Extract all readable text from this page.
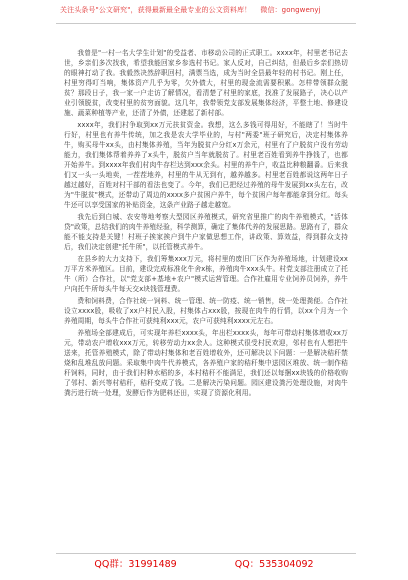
关注头条号"公文研究"，获得最新最全最专业的公文资料库！　 微信：gongwenyj

我曾是"一村一名大学生计划"的受益者、市移动公司的正式职工。xxxx年，村里老书记去世，乡亲们多次找我，希望我能回家乡参选村书记。家人反对，自己纠结，但最后乡亲们热切的眼神打动了我。我毅然决然辞职回村，满票当选，成为当时全县最年轻的村书记。刚上任，村里穷得叮当响，集体资产几乎为零，欠外债大，村里的现金流需要积累。怎样带领群众脱贫？那段日子，我一家一户走访了解情况，看清楚了村里的家底，找准了发展路子，决心以产业引领脱贫，改变村里的贫穷面貌。这几年，我带领党支部发展集体经济，平整土地、修建设施、蔬菜种植等产业，还清了外债，还建起了新村部。

xxxx年，我们村争取到xx万元扶贫资金。我想，这么多钱可得用好，不能瞎了！当时牛行好，村里也有养牛传统，加之我是农大学毕业的，与村"两委"班子研究后，决定村集体养牛，购买母牛xx头，由村集体养殖，当年为脱贫户分红x万余元，村里有了户脱贫户没有劳动能力，我们集体帮着养养了x头牛，脱贫户当年就脱贫了。村里老百姓看到养牛挣钱了，也都开始养牛。到xxxx年我们村肉牛存栏达到xxx余头。村里的养牛户，收益比种粮翻番。后来我们又一头一头地卖，一茬茬地养，村里的牛从无到有，越养越多。村里老百姓都说这两年日子越过越好，百姓对村干部的看法也变了。今年，我们已把经过养殖的母牛发展到xx头左右，改为"牛脱贫"模式，还带动了周边的xxxx多户贫困户养牛，每个贫困户每年都能拿到分红。每头牛还可以享受国家的补贴资金，这条产业路子越走越宽。

我先后到白城、农安等地考察大型园区养殖模式，研究省里推广的肉牛养殖模式，"活体贷"政策，总结我们的肉牛养殖经验，科学测算，确定了集体代养的发展思路。思路有了，群众能不能支持是关键！村班子挨家挨户到牛户家做思想工作，讲政策、算效益，得到群众支持后，我们决定创建"托牛所"，以托管模式养牛。

在县乡的大力支持下，我们筹集xxx万元，将村里的废旧厂区作为养殖场地，计划建设xx万平方米养殖区。目前，建设完成标准化牛舍x栋，养殖肉牛xxx头牛。村党支部注册成立了托牛（所）合作社，以"党支部+基地+农户"模式运营管理。合作社雇用专业饲养员饲养，养牛户向托牛所每头牛每天交x块钱管理费。

费和饲料费，合作社统一饲料、统一管理、统一防疫、统一销售，统一处理粪便。合作社设立xxxx股，吸收了xx户村民入股，村集体占xxx股，按现在肉牛的行情，以xx个月为一个养殖周期，每头牛合作社可获纯利xxx元，农户可获纯利xxxx元左右。

养殖场全部建成后，可实现年养栏xxxx头，年出栏xxxx头，每年可带动村集体增收xx万元，带动农户增收xxx万元，转移劳动力xx余人。这种模式很受村民欢迎，邻村也有人想把牛送来，托管养殖模式，除了带动村集体和老百姓增收外，还可解决以下问题：一是解决秸秆禁烧和乱堆乱放问题。采取集中肉牛代养模式，各养殖户家的秸秆集中送园区堆放、统一制作秸秆饲料，同时，由于我们村种水稻的多，本村秸秆不能满足，我们还以每捆xx块钱的价格收购了邻村、新兴等村秸秆，秸秆变成了钱。二是解决污染问题。园区建设粪污处理设施，对肉牛粪污进行统一处理，发酵后作为肥料还田，实现了资源化利用。

QQ群：31991489	QQ：535304092
